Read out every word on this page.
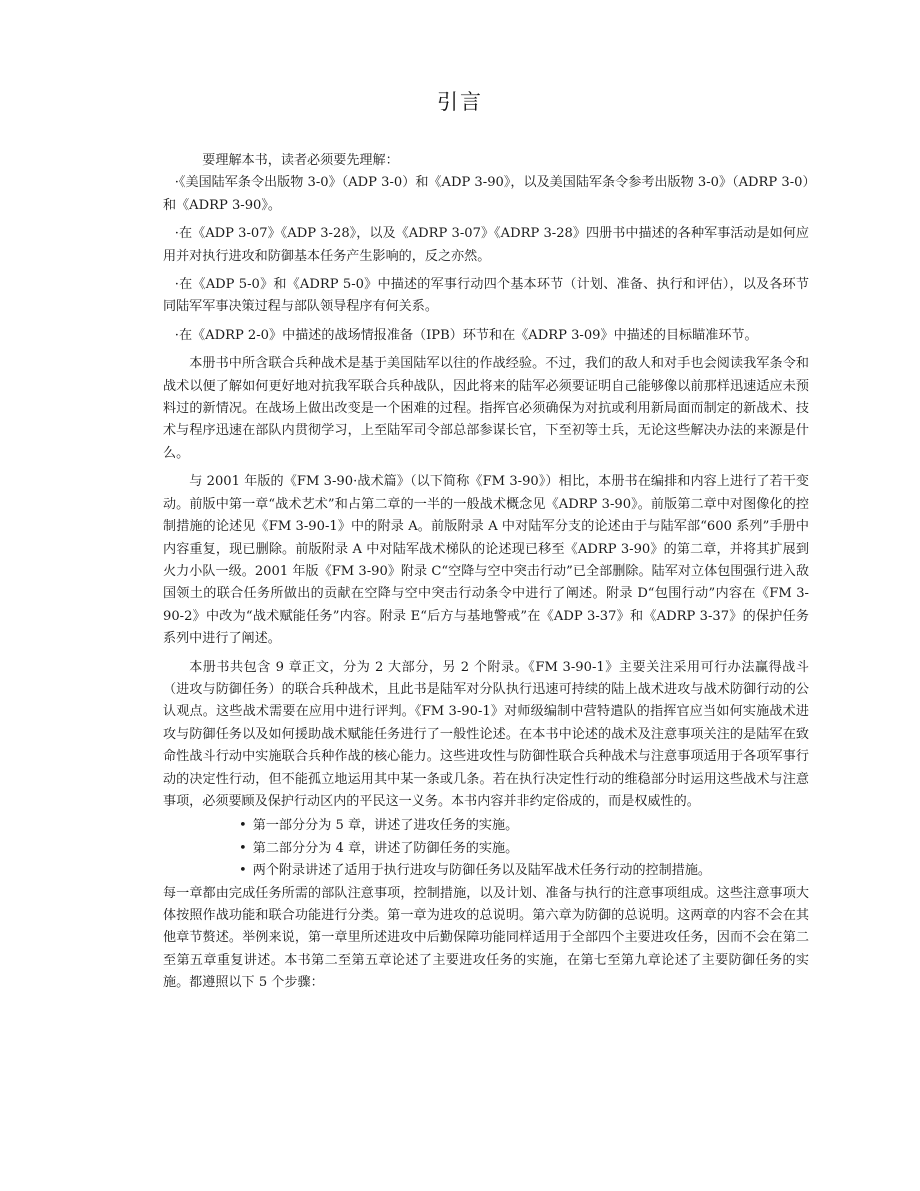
引言

要理解本书，读者必须要先理解：

·《美国陆军条令出版物 3-0》（ADP 3-0）和《ADP 3-90》，以及美国陆军条令参考出版物 3-0》（ADRP 3-0）和《ADRP 3-90》。

·在《ADP 3-07》《ADP 3-28》，以及《ADRP 3-07》《ADRP 3-28》四册书中描述的各种军事活动是如何应用并对执行进攻和防御基本任务产生影响的，反之亦然。

·在《ADP 5-0》和《ADRP 5-0》中描述的军事行动四个基本环节（计划、准备、执行和评估），以及各环节同陆军军事决策过程与部队领导程序有何关系。

·在《ADRP 2-0》中描述的战场情报准备（IPB）环节和在《ADRP 3-09》中描述的目标瞄准环节。

本册书中所含联合兵种战术是基于美国陆军以往的作战经验。不过，我们的敌人和对手也会阅读我军条令和战术以便了解如何更好地对抗我军联合兵种战队，因此将来的陆军必须要证明自己能够像以前那样迅速适应未预料过的新情况。在战场上做出改变是一个困难的过程。指挥官必须确保为对抗或利用新局面而制定的新战术、技术与程序迅速在部队内贯彻学习，上至陆军司令部总部参谋长官，下至初等士兵，无论这些解决办法的来源是什么。

与 2001 年版的《FM 3-90·战术篇》（以下简称《FM 3-90》）相比，本册书在编排和内容上进行了若干变动。前版中第一章“战术艺术”和占第二章的一半的一般战术概念见《ADRP 3-90》。前版第二章中对图像化的控制措施的论述见《FM 3-90-1》中的附录 A。前版附录 A 中对陆军分支的论述由于与陆军部“600 系列”手册中内容重复，现已删除。前版附录 A 中对陆军战术梯队的论述现已移至《ADRP 3-90》的第二章，并将其扩展到火力小队一级。2001 年版《FM 3-90》附录 C“空降与空中突击行动”已全部删除。陆军对立体包围强行进入敌国领土的联合任务所做出的贡献在空降与空中突击行动条令中进行了阐述。附录 D“包围行动”内容在《FM 3-90-2》中改为“战术赋能任务”内容。附录 E“后方与基地警戒”在《ADP 3-37》和《ADRP 3-37》的保护任务系列中进行了阐述。

本册书共包含 9 章正文，分为 2 大部分，另 2 个附录。《FM 3-90-1》主要关注采用可行办法赢得战斗（进攻与防御任务）的联合兵种战术，且此书是陆军对分队执行迅速可持续的陆上战术进攻与战术防御行动的公认观点。这些战术需要在应用中进行评判。《FM 3-90-1》对师级编制中营特遣队的指挥官应当如何实施战术进攻与防御任务以及如何援助战术赋能任务进行了一般性论述。在本书中论述的战术及注意事项关注的是陆军在致命性战斗行动中实施联合兵种作战的核心能力。这些进攻性与防御性联合兵种战术与注意事项适用于各项军事行动的决定性行动，但不能孤立地运用其中某一条或几条。若在执行决定性行动的维稳部分时运用这些战术与注意事项，必须要顾及保护行动区内的平民这一义务。本书内容并非约定俗成的，而是权威性的。

• 第一部分分为 5 章，讲述了进攻任务的实施。
• 第二部分分为 4 章，讲述了防御任务的实施。
• 两个附录讲述了适用于执行进攻与防御任务以及陆军战术任务行动的控制措施。

每一章都由完成任务所需的部队注意事项，控制措施，以及计划、准备与执行的注意事项组成。这些注意事项大体按照作战功能和联合功能进行分类。第一章为进攻的总说明。第六章为防御的总说明。这两章的内容不会在其他章节赘述。举例来说，第一章里所述进攻中后勤保障功能同样适用于全部四个主要进攻任务，因而不会在第二至第五章重复讲述。本书第二至第五章论述了主要进攻任务的实施，在第七至第九章论述了主要防御任务的实施。都遵照以下 5 个步骤：
